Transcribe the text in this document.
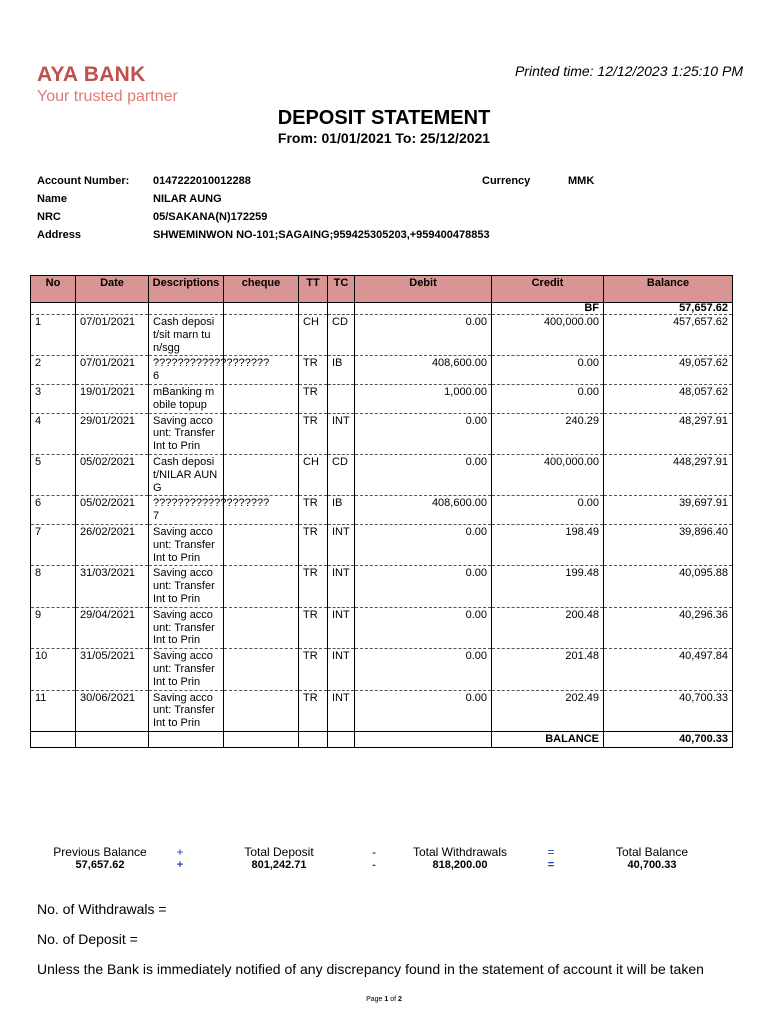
AYA BANK
Your trusted partner
Printed time: 12/12/2023 1:25:10 PM
DEPOSIT STATEMENT
From: 01/01/2021 To: 25/12/2021
Account Number: 0147222010012288	Currency	MMK
Name	NILAR AUNG
NRC	05/SAKANA(N)172259
Address	SHWEMINWON NO-101;SAGAING;959425305203,+959400478853
No	Date	Descriptions	cheque	TT	TC	Debit	Credit	Balance
							BF	57,657.62
1	07/01/2021	Cash deposit/sit marn tun/sgg		CH	CD	0.00	400,000.00	457,657.62
2	07/01/2021	???????????????????6		TR	IB	408,600.00	0.00	49,057.62
3	19/01/2021	mBanking mobile topup		TR		1,000.00	0.00	48,057.62
4	29/01/2021	Saving account: Transfer Int to Prin		TR	INT	0.00	240.29	48,297.91
5	05/02/2021	Cash deposit/NILAR AUNG		CH	CD	0.00	400,000.00	448,297.91
6	05/02/2021	???????????????????7		TR	IB	408,600.00	0.00	39,697.91
7	26/02/2021	Saving account: Transfer Int to Prin		TR	INT	0.00	198.49	39,896.40
8	31/03/2021	Saving account: Transfer Int to Prin		TR	INT	0.00	199.48	40,095.88
9	29/04/2021	Saving account: Transfer Int to Prin		TR	INT	0.00	200.48	40,296.36
10	31/05/2021	Saving account: Transfer Int to Prin		TR	INT	0.00	201.48	40,497.84
11	30/06/2021	Saving account: Transfer Int to Prin		TR	INT	0.00	202.49	40,700.33
							BALANCE	40,700.33
Previous Balance
57,657.62
+
+
Total Deposit
801,242.71
-
-
Total Withdrawals
818,200.00
=
=
Total Balance
40,700.33
No. of Withdrawals =
No. of Deposit =
Unless the Bank is immediately notified of any discrepancy found in the statement of account it will be taken
Page 1 of 2
